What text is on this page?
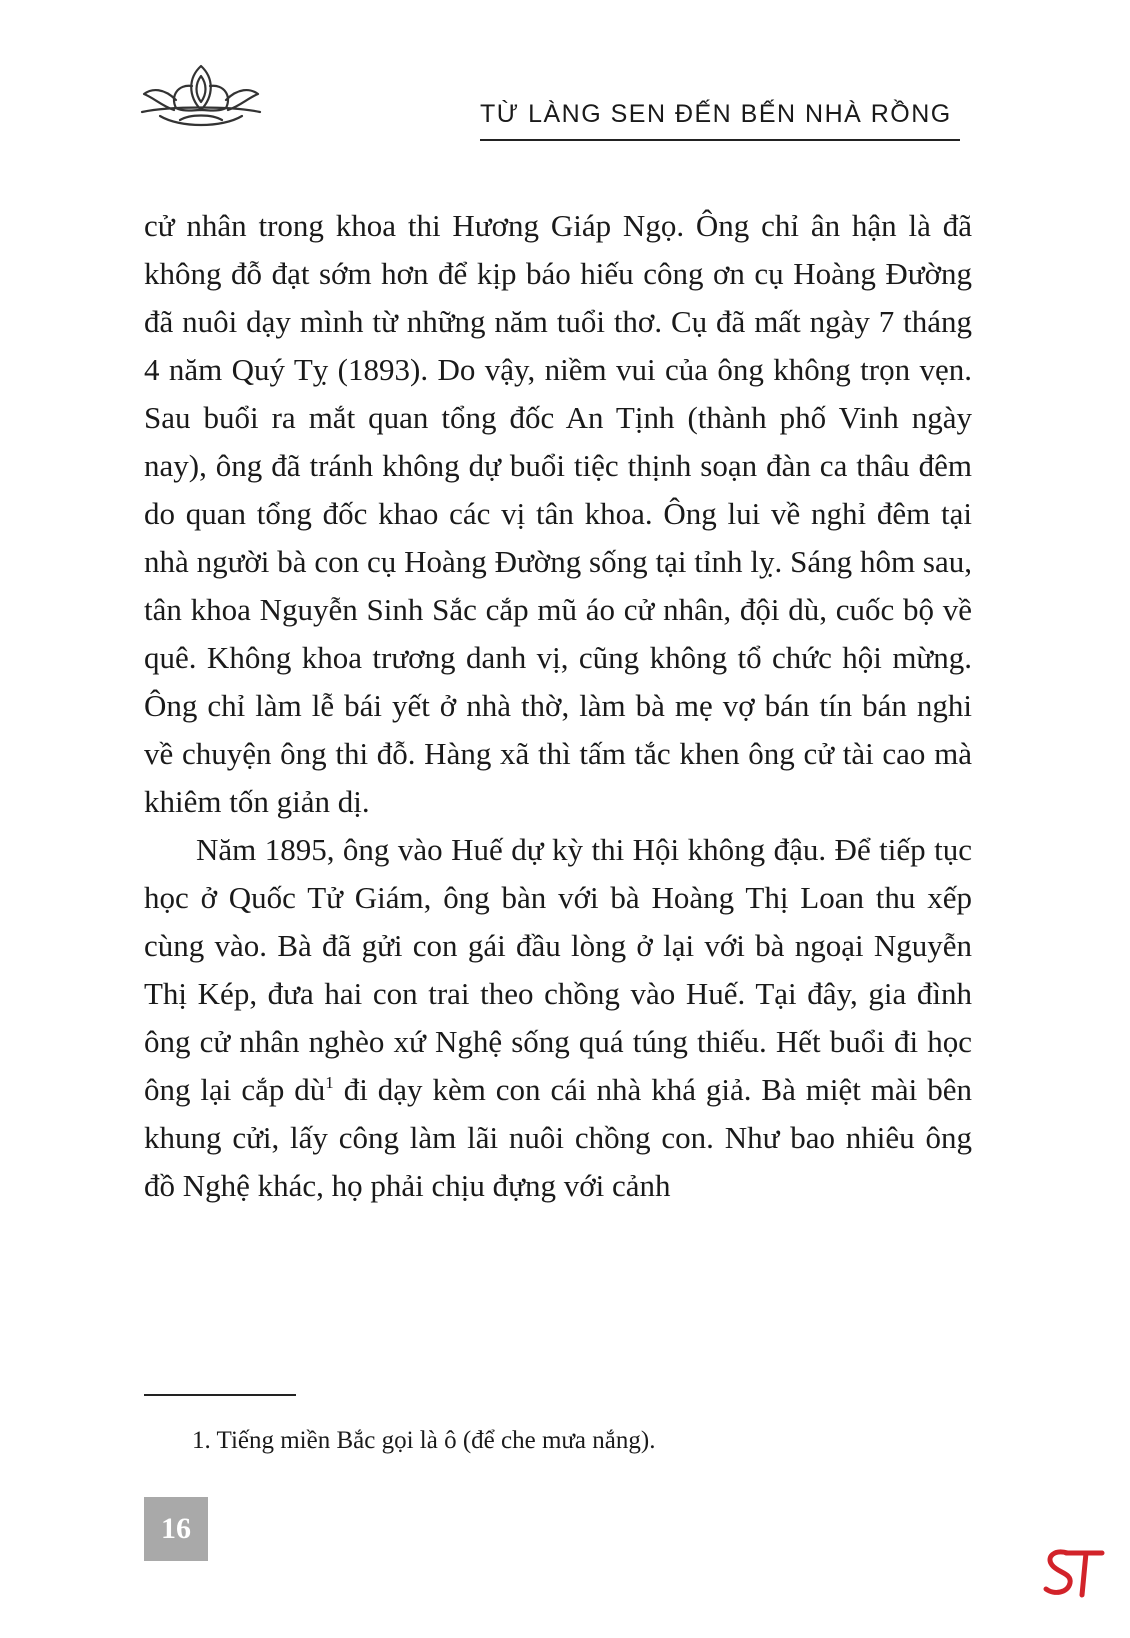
TỪ LÀNG SEN ĐẾN BẾN NHÀ RỒNG

cử nhân trong khoa thi Hương Giáp Ngọ. Ông chỉ ân hận là đã không đỗ đạt sớm hơn để kịp báo hiếu công ơn cụ Hoàng Đường đã nuôi dạy mình từ những năm tuổi thơ. Cụ đã mất ngày 7 tháng 4 năm Quý Tỵ (1893). Do vậy, niềm vui của ông không trọn vẹn. Sau buổi ra mắt quan tổng đốc An Tịnh (thành phố Vinh ngày nay), ông đã tránh không dự buổi tiệc thịnh soạn đàn ca thâu đêm do quan tổng đốc khao các vị tân khoa. Ông lui về nghỉ đêm tại nhà người bà con cụ Hoàng Đường sống tại tỉnh lỵ. Sáng hôm sau, tân khoa Nguyễn Sinh Sắc cắp mũ áo cử nhân, đội dù, cuốc bộ về quê. Không khoa trương danh vị, cũng không tổ chức hội mừng. Ông chỉ làm lễ bái yết ở nhà thờ, làm bà mẹ vợ bán tín bán nghi về chuyện ông thi đỗ. Hàng xã thì tấm tắc khen ông cử tài cao mà khiêm tốn giản dị.

Năm 1895, ông vào Huế dự kỳ thi Hội không đậu. Để tiếp tục học ở Quốc Tử Giám, ông bàn với bà Hoàng Thị Loan thu xếp cùng vào. Bà đã gửi con gái đầu lòng ở lại với bà ngoại Nguyễn Thị Kép, đưa hai con trai theo chồng vào Huế. Tại đây, gia đình ông cử nhân nghèo xứ Nghệ sống quá túng thiếu. Hết buổi đi học ông lại cắp $dù^1$ đi dạy kèm con cái nhà khá giả. Bà miệt mài bên khung cửi, lấy công làm lãi nuôi chồng con. Như bao nhiêu ông đồ Nghệ khác, họ phải chịu đựng với cảnh

1. Tiếng miền Bắc gọi là ô (để che mưa nắng).
16
